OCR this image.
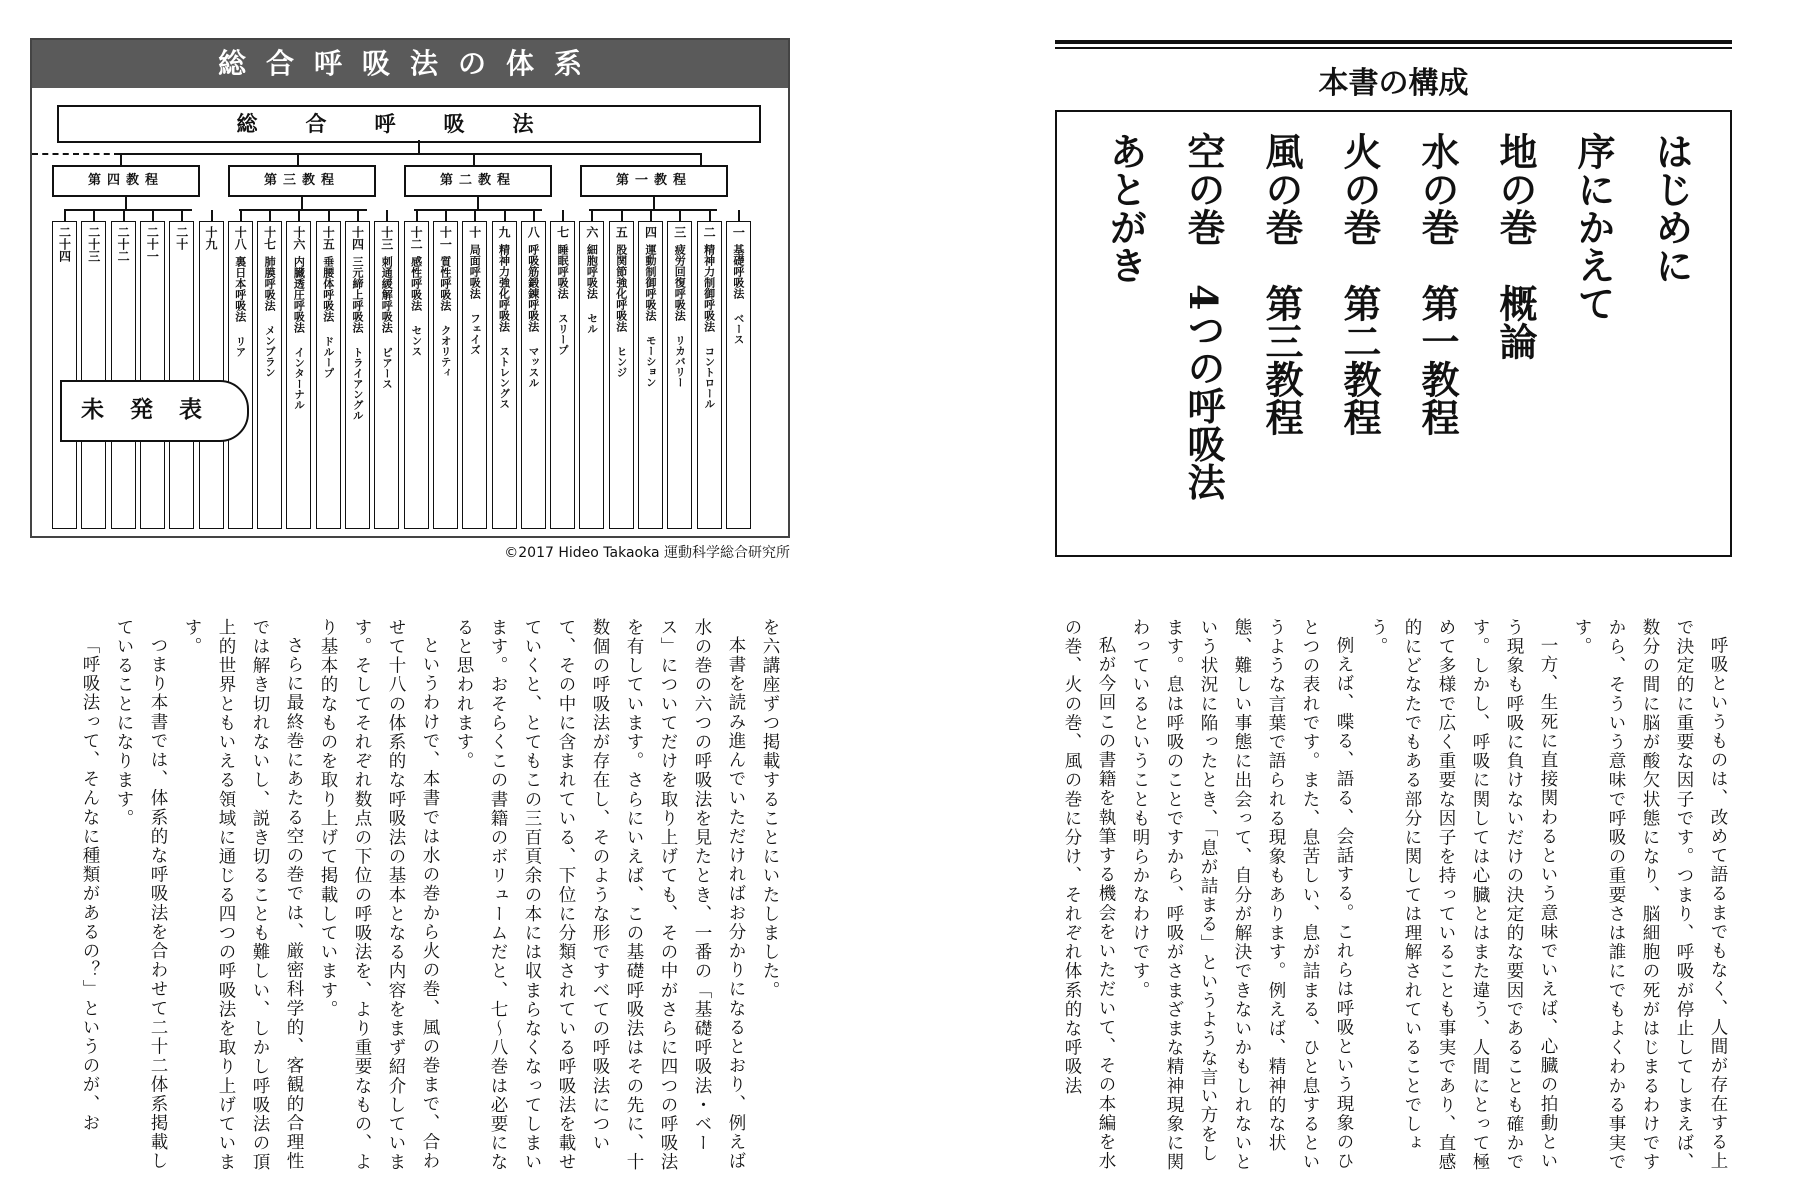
総合呼吸法の体系
総合呼吸法
第四教程	第三教程	第二教程	第一教程
二十四 二十三 二十二 二十一 二十 十九 十八
裏日本呼吸法
リア
十七
肺膜呼吸法
メンブラン
十六
内臓透圧呼吸法
インターナル
十五
垂腰体呼吸法
ドループ
十四
三元締上呼吸法
トライアングル
十三
刺通緩解呼吸法
ピアース
十二
感性呼吸法
センス
十一
質性呼吸法
クオリティ
十
局面呼吸法
フェイズ
九
精神力強化呼吸法
ストレングス
八
呼吸筋鍛錬呼吸法
マッスル
七
睡眠呼吸法
スリープ
六
細胞呼吸法
セル
五
股関節強化呼吸法
ヒンジ
四
運動制御呼吸法
モーション
三
疲労回復呼吸法
リカバリー
二
精神力制御呼吸法
コントロール
一
基礎呼吸法
ベース
未発表
©2017 Hideo Takaoka 運動科学総合研究所
本書の構成
はじめに
序にかえて
地の巻　概論
水の巻　第一教程
火の巻　第二教程
風の巻　第三教程
空の巻　4つの呼吸法
あとがき

を六講座ずつ掲載することにいたしました。

本書を読み進んでいただければお分かりになるとおり、例えば水の巻の六つの呼吸法を見たとき、一番の「基礎呼吸法・ベース」についてだけを取り上げても、その中がさらに四つの呼吸法を有しています。さらにいえば、この基礎呼吸法はその先に、十数個の呼吸法が存在し、そのような形ですべての呼吸法について、その中に含まれている、下位に分類されている呼吸法を載せていくと、とてもこの三百頁余の本には収まらなくなってしまいます。おそらくこの書籍のボリュームだと、七～八巻は必要になると思われます。

というわけで、本書では水の巻から火の巻、風の巻まで、合わせて十八の体系的な呼吸法の基本となる内容をまず紹介しています。そしてそれぞれ数点の下位の呼吸法を、より重要なもの、より基本的なものを取り上げて掲載しています。

さらに最終巻にあたる空の巻では、厳密科学的、客観的合理性では解き切れないし、説き切ることも難しい、しかし呼吸法の頂上的世界ともいえる領域に通じる四つの呼吸法を取り上げています。

つまり本書では、体系的な呼吸法を合わせて二十二体系掲載していることになります。

「呼吸法って、そんなに種類があるの？」というのが、お	呼吸というものは、改めて語るまでもなく、人間が存在する上で決定的に重要な因子です。つまり、呼吸が停止してしまえば、数分の間に脳が酸欠状態になり、脳細胞の死がはじまるわけですから、そういう意味で呼吸の重要さは誰にでもよくわかる事実です。

一方、生死に直接関わるという意味でいえば、心臓の拍動という現象も呼吸に負けないだけの決定的な要因であることも確かです。しかし、呼吸に関しては心臓とはまた違う、人間にとって極めて多様で広く重要な因子を持っていることも事実であり、直感的にどなたでもある部分に関しては理解されていることでしょう。

例えば、喋る、語る、会話する。これらは呼吸という現象のひとつの表れです。また、息苦しい、息が詰まる、ひと息するというような言葉で語られる現象もあります。例えば、精神的な状態、難しい事態に出会って、自分が解決できないかもしれないという状況に陥ったとき、「息が詰まる」というような言い方をします。息は呼吸のことですから、呼吸がさまざまな精神現象に関わっているということも明らかなわけです。

私が今回この書籍を執筆する機会をいただいて、その本編を水の巻、火の巻、風の巻に分け、それぞれ体系的な呼吸法
